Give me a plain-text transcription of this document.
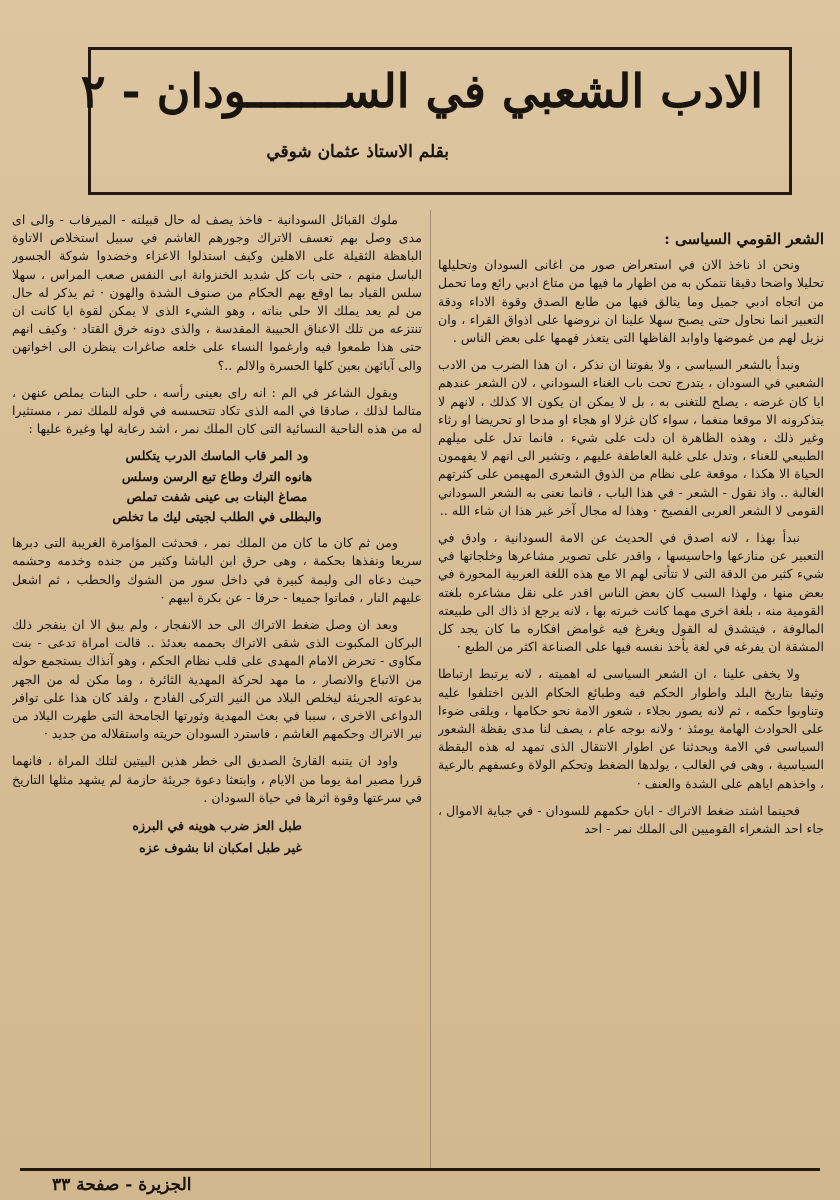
الادب الشعبي في الســـــــودان - ٢
بقلم الاستاذ عثمان شوقي
الشعر القومي السياسى :

ونحن اذ ناخذ الان في استعراض صور من اغانى السودان وتحليلها تحليلا واضحا دقيقا نتمكن به من اظهار ما فيها من متاع ادبي رائع وما تحمل من اتجاه ادبي جميل وما يتالق فيها من طابع الصدق وقوة الاداء ودقة التعبير انما نحاول حتى يصبح سهلا علينا ان نروضها على اذواق القراء ، وان نزيل لهم من غموضها واوابد الفاظها التى يتعذر فهمها على بعض الناس .

ونبدأ بالشعر السياسى ، ولا يفوتنا ان نذكر ، ان هذا الضرب من الادب الشعبي في السودان ، يتدرج تحت باب الغناء السوداني ، لان الشعر عندهم ايا كان غرضه ، يصلح للتغنى به ، بل لا يمكن ان يكون الا كذلك ، لانهم لا يتذكرونه الا موقعا منغما ، سواء كان غزلا او هجاء او مدحا او تحريضا او رثاء وغير ذلك ، وهذه الظاهرة ان دلت على شيء ، فانما تدل على ميلهم الطبيعي للغناء ، وتدل على غلبة العاطفة عليهم ، وتشير الى انهم لا يفهمون الحياة الا هكذا ، موقعة على نظام من الذوق الشعرى المهيمن على كثرتهم الغالبة .. واذ نقول - الشعر - في هذا الباب ، فانما نعنى به الشعر السوداني القومى لا الشعر العربى الفصيح · وهذا له مجال آخر غير هذا ان شاء الله ..

نبدأ بهذا ، لانه اصدق في الحديث عن الامة السودانية ، وادق في التعبير عن منازعها واحاسيسها ، واقدر على تصوير مشاعرها وخلجاتها في شيء كثير من الدقة التى لا تتأتى لهم الا مع هذه اللغة العربية المحورة في بعض منها ، ولهذا السبب كان بعض الناس اقدر على نقل مشاعره بلغته القومية منه ، بلغة اخرى مهما كانت خبرته بها ، لانه يرجع اذ ذاك الى طبيعته المالوفة ، فيتشدق له القول ويغرغ فيه غوامض افكاره ما كان يجد كل المشقة ان يفرغه في لغة يأخذ نفسه فيها على الصناعة اكثر من الطبع ·

ولا يخفى علينا ، ان الشعر السياسى له اهميته ، لانه يرتبط ارتباطا وثيقا بتاريخ البلد واطوار الحكم فيه وطبائع الحكام الذين اختلفوا عليه وتناوبوا حكمه ، ثم لانه يصور بجلاء ، شعور الامة نحو حكامها ، ويلقى ضوءا على الحوادث الهامة يومئذ · ولانه بوجه عام ، يصف لنا مدى يقظة الشعور السياسى في الامة ويحدثنا عن اطوار الانتقال الذى تمهد له هذه اليقظة السياسية ، وهى في الغالب ، يولدها الضغط وتحكم الولاة وعسفهم بالرعية ، واخذهم اياهم على الشدة والعنف ·

فحينما اشتد ضغط الاتراك - ابان حكمهم للسودان - في جباية الاموال ، جاء احد الشعراء القوميين الى الملك نمر - احد

ملوك القبائل السودانية - فاخذ يصف له حال قبيلته - الميرفاب - والى اى مدى وصل بهم تعسف الاتراك وجورهم الغاشم في سبيل استخلاص الاتاوة الباهظة الثقيلة على الاهلين وكيف استذلوا الاعزاء وخضدوا شوكة الجسور الباسل منهم ، حتى بات كل شديد الخنزوانة ابى النفس صعب المراس ، سهلا سلس القياد بما اوقع بهم الحكام من صنوف الشدة والهون · ثم يذكر له حال من لم يعد يملك الا حلى بناته ، وهو الشيء الذى لا يمكن لقوة ايا كانت ان تنتزعه من تلك الاعناق الحبيبة المقدسة ، والذى دونه خرق القتاد · وكيف انهم حتى هذا طمعوا فيه وارغموا النساء على خلعه صاغرات ينظرن الى اخواتهن والى آبائهن بعين كلها الحسرة والالم ..؟

ويقول الشاعر في الم : انه راى بعينى رأسه ، حلى البنات يملص عنهن ، متالما لذلك ، صادقا في المه الذى تكاد تتحسسه في قوله للملك نمر ، مستثيرا له من هذه الناحية النسائية التى كان الملك نمر ، اشد رعاية لها وغيرة عليها :

ود المر قاب الماسك الدرب يتكلس
هانوه الترك وطاع تبع الرسن وسلس
مصاغ البنات بى عينى شفت تملص
والبطلى في الطلب لجيتى ليك ما تخلص

ومن ثم كان ما كان من الملك نمر ، فحدثت المؤامرة الغريبة التى دبرها سريعا ونفذها بحكمة ، وهى حرق ابن الباشا وكثير من جنده وخدمه وحشمه حيث دعاه الى وليمة كبيرة في داخل سور من الشوك والحطب ، ثم اشعل عليهم النار ، فماتوا جميعا - حرقا - عن بكرة ابيهم ·

وبعد ان وصل ضغط الاتراك الى حد الانفجار ، ولم يبق الا ان ينفجر ذلك البركان المكبوت الذى شقى الاتراك بحممه بعدئذ .. قالت امراة تدعى - بنت مكاوى - تحرض الامام المهدى على قلب نظام الحكم ، وهو آنذاك يستجمع حوله من الاتباع والانصار ، ما مهد لحركة المهدية الثائرة ، وما مكن له من الجهر بدعوته الجريئة ليخلص البلاد من النير التركى الفادح ، ولقد كان هذا على توافر الدواعى الاخرى ، سببا في بعث المهدية وثورتها الجامحة التى طهرت البلاد من نير الاتراك وحكمهم الغاشم ، فاسترد السودان حريته واستقلاله من جديد ·

واود ان يتنبه القارئ الصديق الى خطر هذين البيتين لتلك المراة ، فانهما قررا مصير امة يوما من الايام ، وابتعثا دعوة جريئة حازمة لم يشهد مثلها التاريخ في سرعتها وقوة اثرها في حياة السودان .

طبل العز ضرب هوينه في البرزه
غير طبل امكبان انا بشوف عزه
الجزيرة - صفحة ٣٣
